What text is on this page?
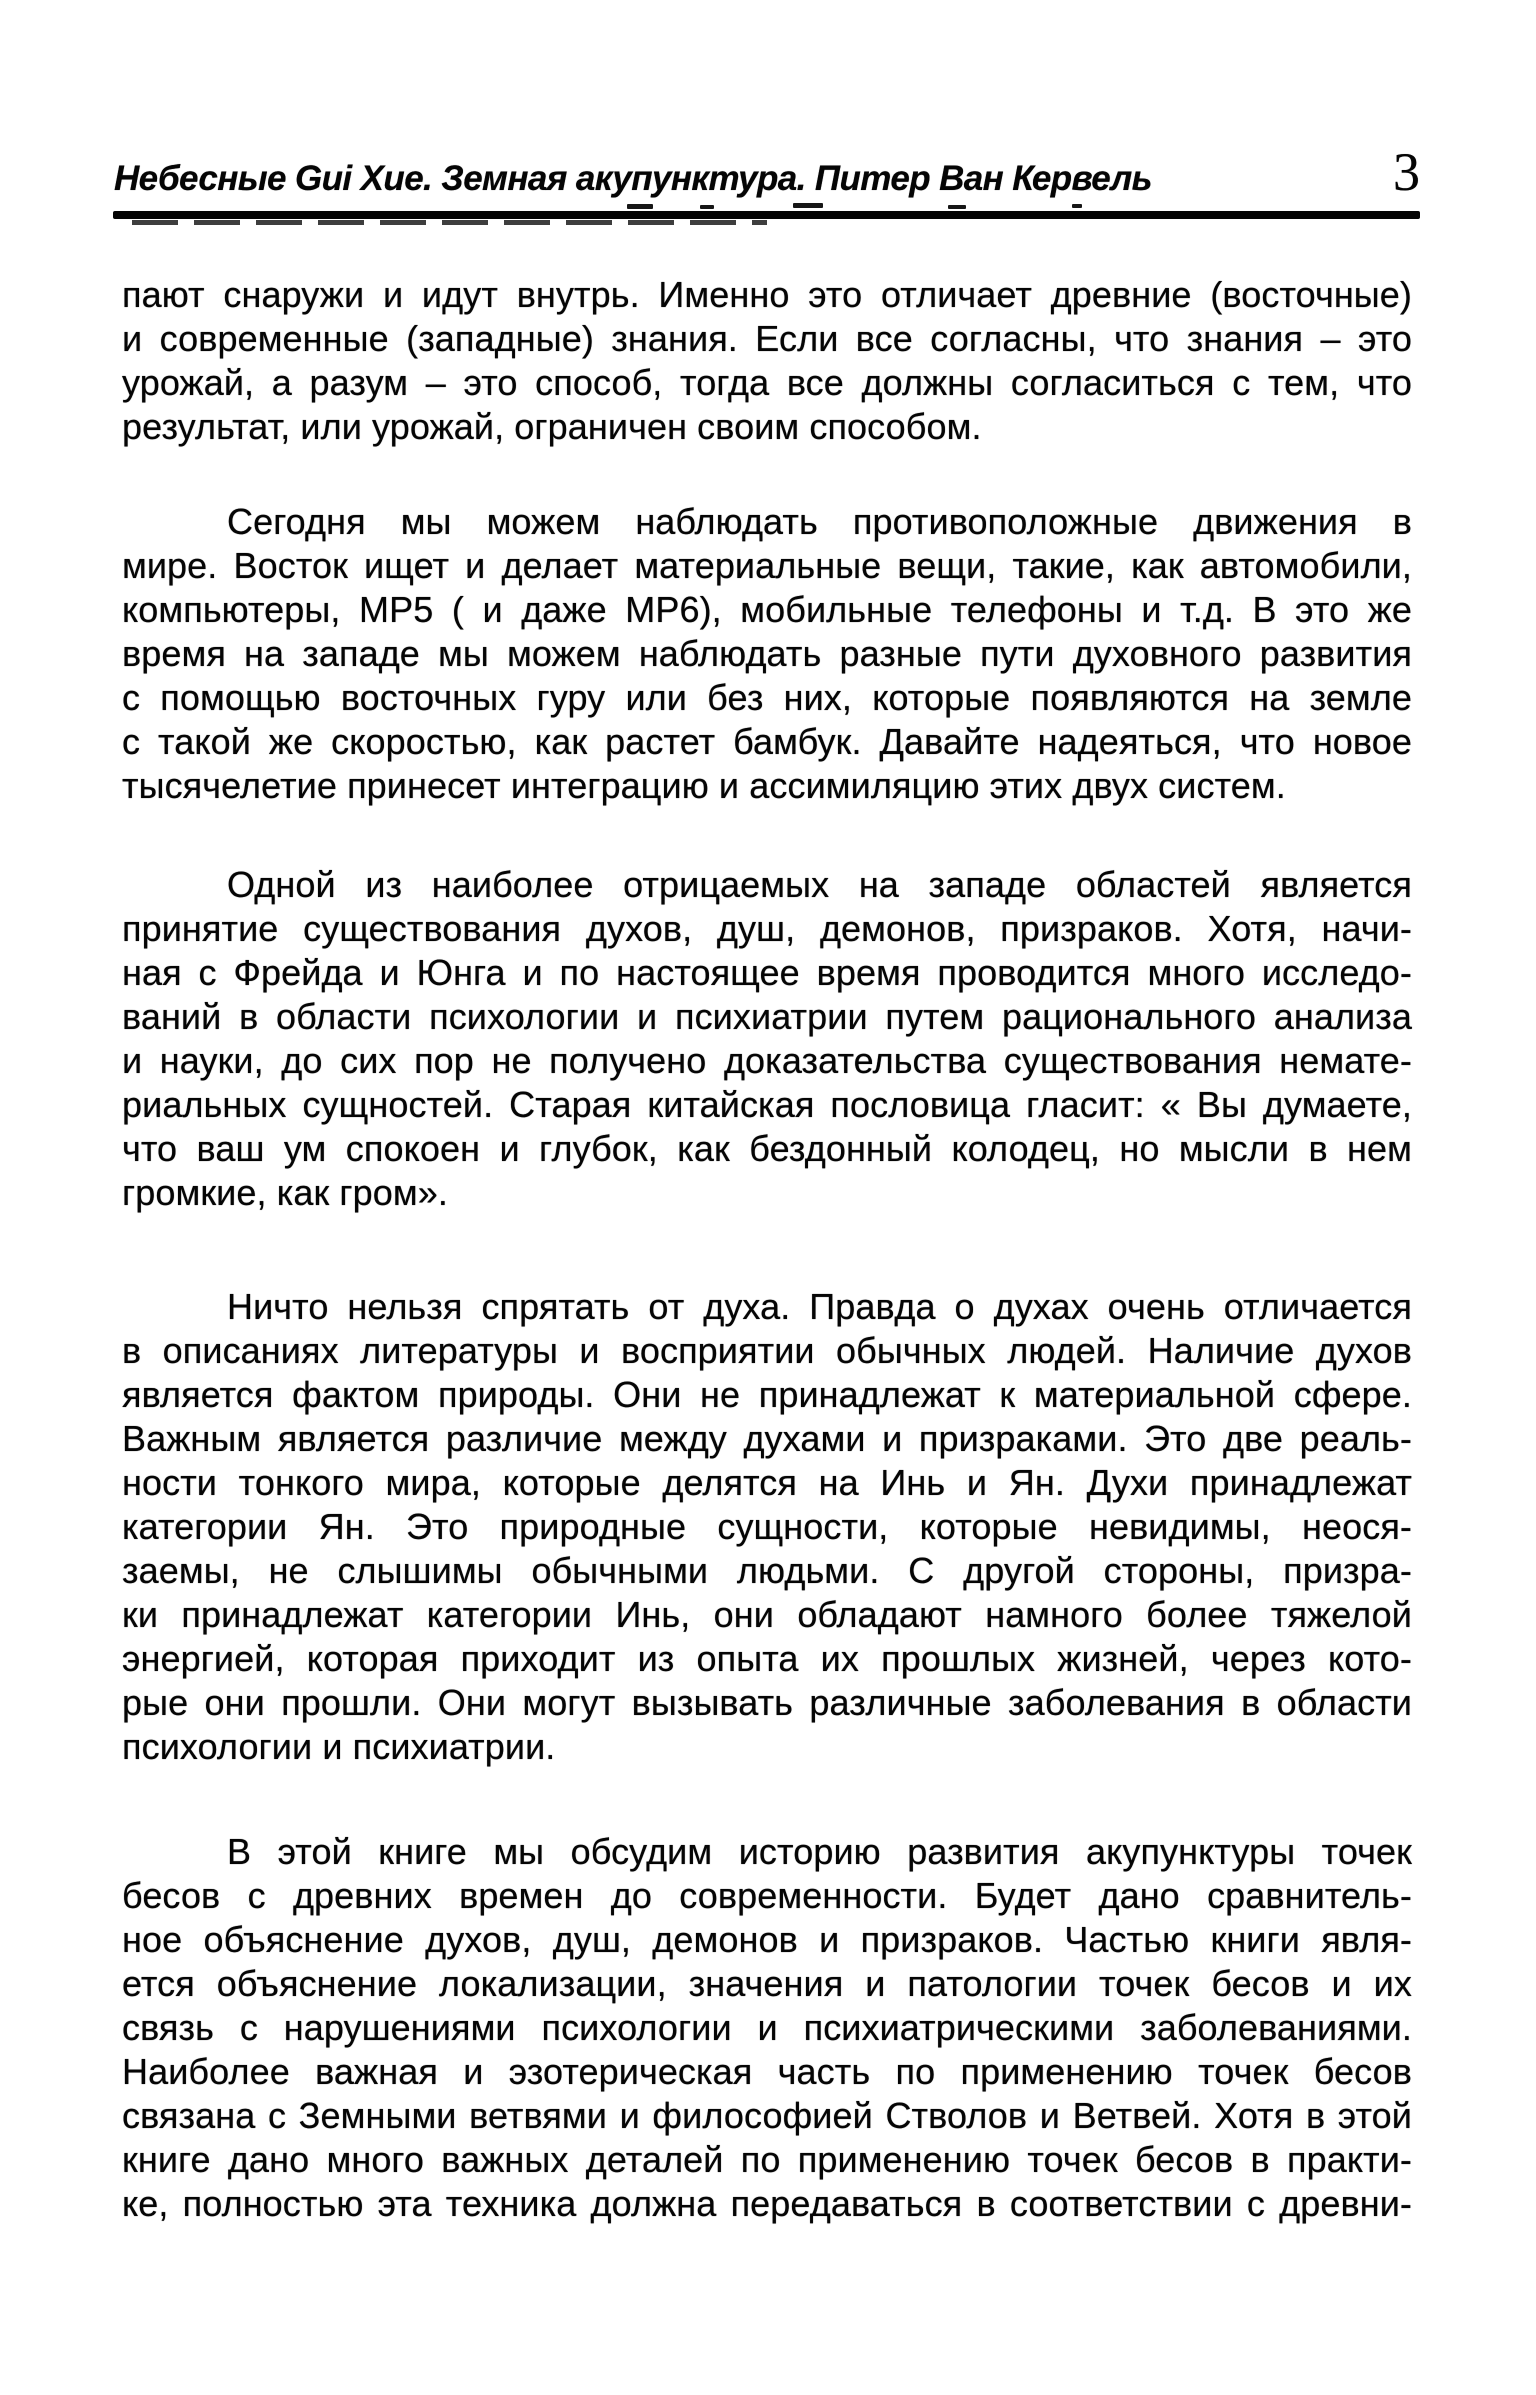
Небесные Gui Xue. Земная акупунктура. Питер Ван Кервель	3
пают снаружи и идут внутрь. Именно это отличает древние (восточные)
и современные (западные) знания. Если все согласны, что знания – это
урожай, а разум – это способ, тогда все должны согласиться с тем, что
результат, или урожай, ограничен своим способом.
Сегодня мы можем наблюдать противоположные движения в
мире. Восток ищет и делает материальные вещи, такие, как автомобили,
компьютеры, MP5 ( и даже MP6), мобильные телефоны и т.д. В это же
время на западе мы можем наблюдать разные пути духовного развития
с помощью восточных гуру или без них, которые появляются на земле
с такой же скоростью, как растет бамбук. Давайте надеяться, что новое
тысячелетие принесет интеграцию и ассимиляцию этих двух систем.
Одной из наиболее отрицаемых на западе областей является
принятие существования духов, душ, демонов, призраков. Хотя, начи-
ная с Фрейда и Юнга и по настоящее время проводится много исследо-
ваний в области психологии и психиатрии путем рационального анализа
и науки, до сих пор не получено доказательства существования немате-
риальных сущностей. Старая китайская пословица гласит: « Вы думаете,
что ваш ум спокоен и глубок, как бездонный колодец, но мысли в нем
громкие, как гром».
Ничто нельзя спрятать от духа. Правда о духах очень отличается
в описаниях литературы и восприятии обычных людей. Наличие духов
является фактом природы. Они не принадлежат к материальной сфере.
Важным является различие между духами и призраками. Это две реаль-
ности тонкого мира, которые делятся на Инь и Ян. Духи принадлежат
категории Ян. Это природные сущности, которые невидимы, неося-
заемы, не слышимы обычными людьми. С другой стороны, призра-
ки принадлежат категории Инь, они обладают намного более тяжелой
энергией, которая приходит из опыта их прошлых жизней, через кото-
рые они прошли. Они могут вызывать различные заболевания в области
психологии и психиатрии.
В этой книге мы обсудим историю развития акупунктуры точек
бесов с древних времен до современности. Будет дано сравнитель-
ное объяснение духов, душ, демонов и призраков. Частью книги явля-
ется объяснение локализации, значения и патологии точек бесов и их
связь с нарушениями психологии и психиатрическими заболеваниями.
Наиболее важная и эзотерическая часть по применению точек бесов
связана с Земными ветвями и философией Стволов и Ветвей. Хотя в этой
книге дано много важных деталей по применению точек бесов в практи-
ке, полностью эта техника должна передаваться в соответствии с древни-
